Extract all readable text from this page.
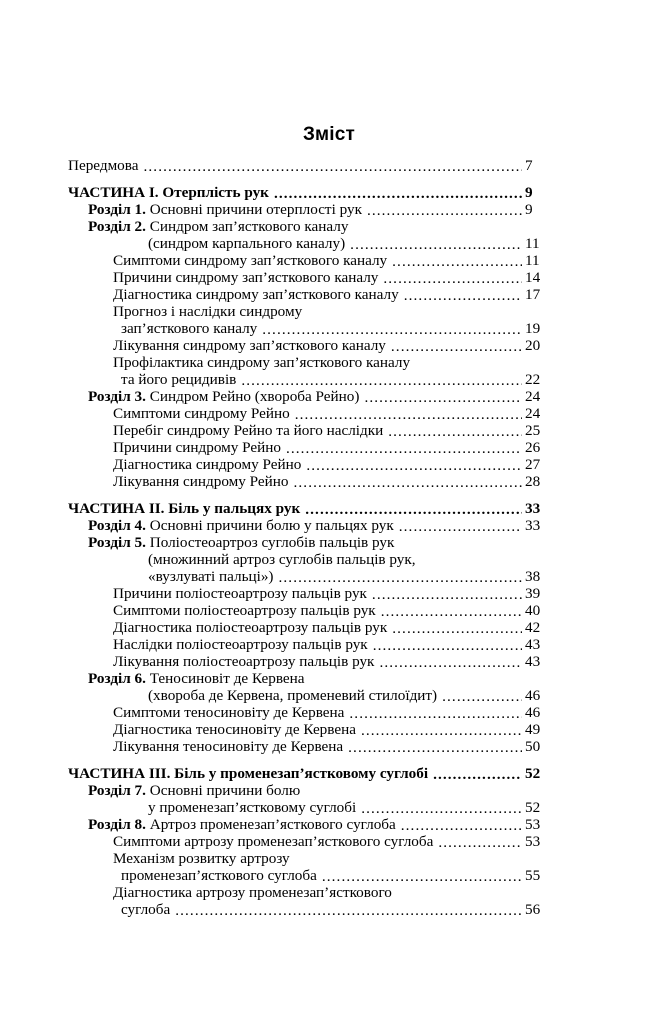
Зміст
Передмова .....	7
ЧАСТИНА I. Отерплість рук .....	9
Розділ 1. Основні причини отерплості рук .....	9
Розділ 2. Синдром зап’ясткового каналу
(синдром карпального каналу) .....	11
Симптоми синдрому зап’ясткового каналу .....	11
Причини синдрому зап’ясткового каналу .....	14
Діагностика синдрому зап’ясткового каналу .....	17
Прогноз і наслідки синдрому
зап’ясткового каналу .....	19
Лікування синдрому зап’ясткового каналу .....	20
Профілактика синдрому зап’ясткового каналу
та його рецидивів .....	22
Розділ 3. Синдром Рейно (хвороба Рейно) .....	24
Симптоми синдрому Рейно .....	24
Перебіг синдрому Рейно та його наслідки .....	25
Причини синдрому Рейно .....	26
Діагностика синдрому Рейно .....	27
Лікування синдрому Рейно .....	28
ЧАСТИНА II. Біль у пальцях рук .....	33
Розділ 4. Основні причини болю у пальцях рук .....	33
Розділ 5. Поліостеоартроз суглобів пальців рук
(множинний артроз суглобів пальців рук,
«вузлуваті пальці») .....	38
Причини поліостеоартрозу пальців рук .....	39
Симптоми поліостеоартрозу пальців рук .....	40
Діагностика поліостеоартрозу пальців рук .....	42
Наслідки поліостеоартрозу пальців рук .....	43
Лікування поліостеоартрозу пальців рук .....	43
Розділ 6. Теносиновіт де Кервена
(хвороба де Кервена, променевий стилоїдит) .....	46
Симптоми теносиновіту де Кервена .....	46
Діагностика теносиновіту де Кервена .....	49
Лікування теносиновіту де Кервена .....	50
ЧАСТИНА III. Біль у променезап’ястковому суглобі .....	52
Розділ 7. Основні причини болю
у променезап’ястковому суглобі .....	52
Розділ 8. Артроз променезап’ясткового суглоба .....	53
Симптоми артрозу променезап’ясткового суглоба .....	53
Механізм розвитку артрозу
променезап’ясткового суглоба .....	55
Діагностика артрозу променезап’ясткового
суглоба .....	56
